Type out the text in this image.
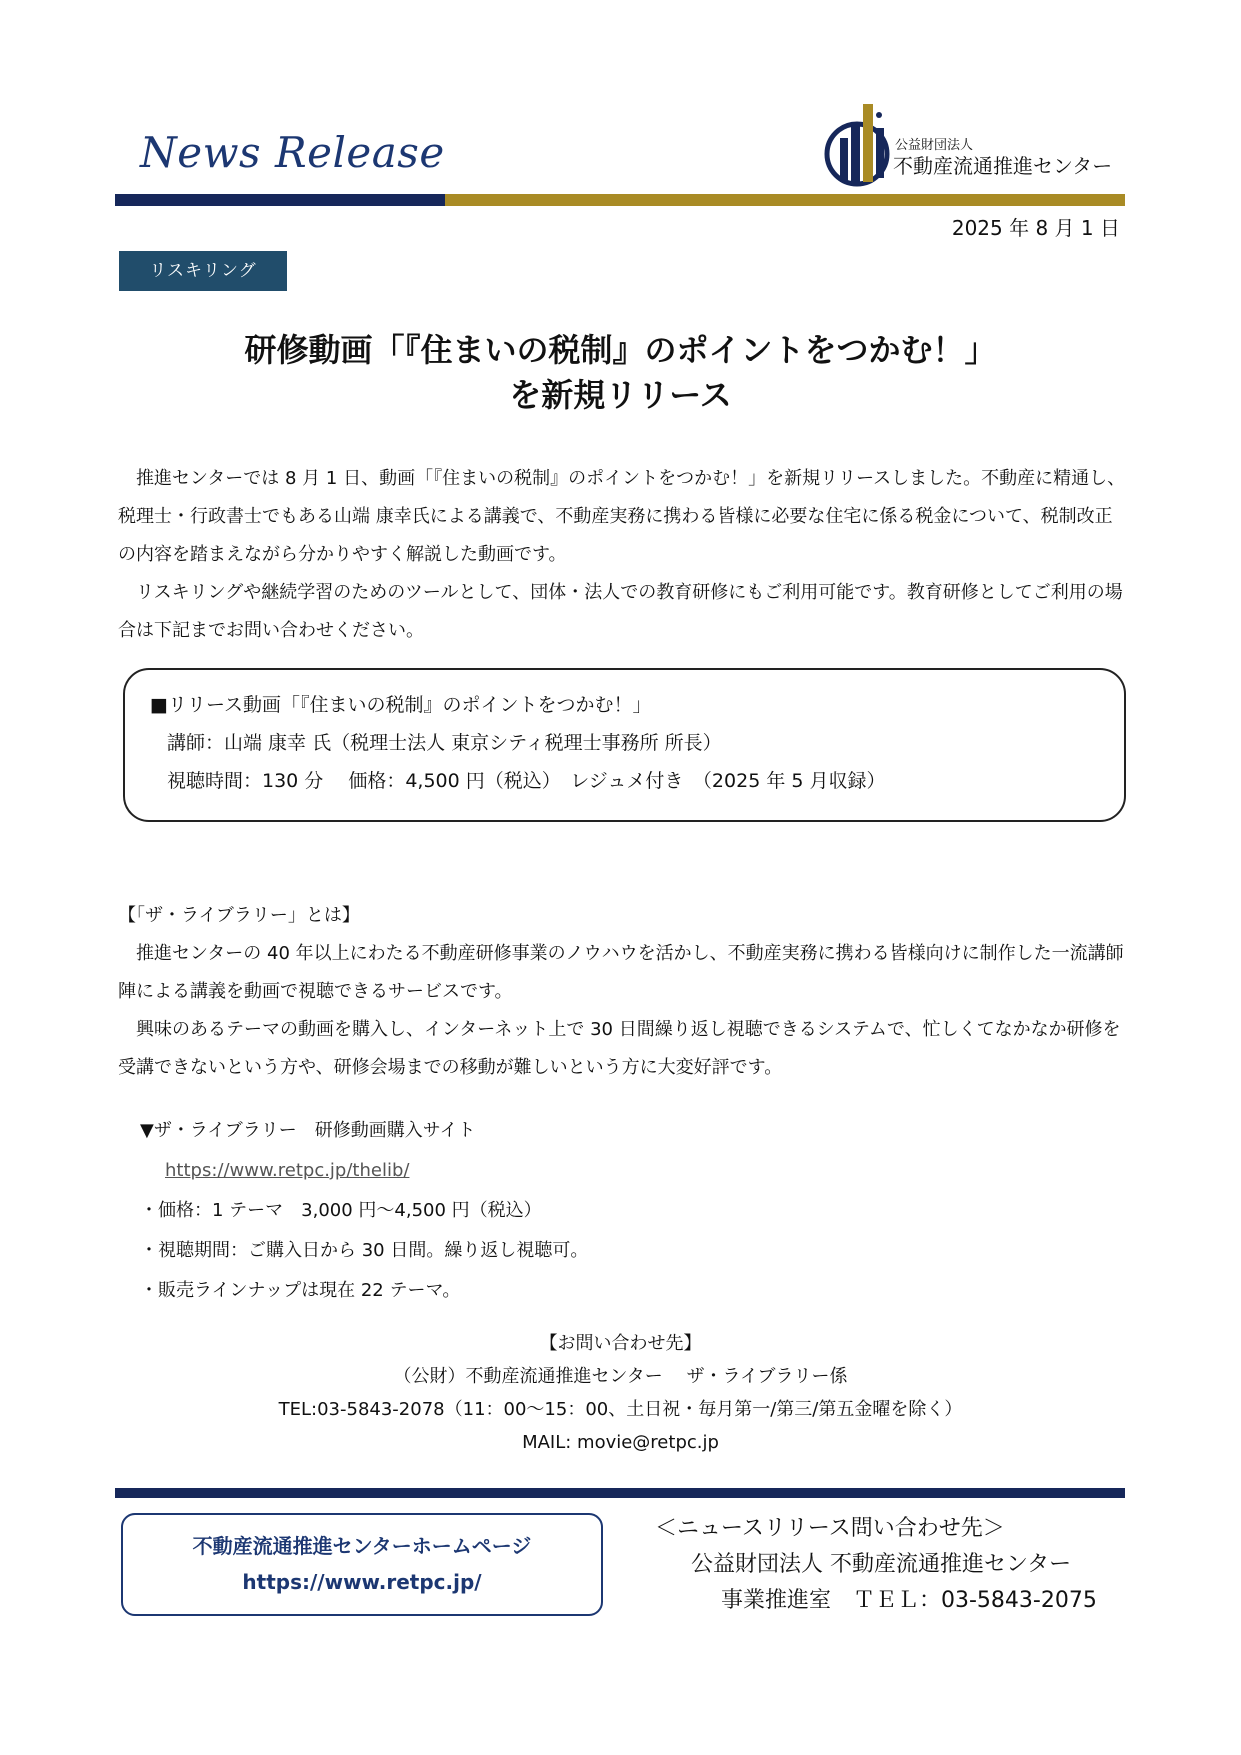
News Release	公益財団法人
不動産流通推進センター
2025 年 8 月 1 日
リスキリング
研修動画「『住まいの税制』のポイントをつかむ！」
を新規リリース
推進センターでは 8 月 1 日、動画「『住まいの税制』のポイントをつかむ！」を新規リリースしました。不動産に精通し、税理士・行政書士でもある山端 康幸氏による講義で、不動産実務に携わる皆様に必要な住宅に係る税金について、税制改正の内容を踏まえながら分かりやすく解説した動画です。
リスキリングや継続学習のためのツールとして、団体・法人での教育研修にもご利用可能です。教育研修としてご利用の場合は下記までお問い合わせください。
■リリース動画「『住まいの税制』のポイントをつかむ！」
講師：山端 康幸 氏（税理士法人 東京シティ税理士事務所 所長）
視聴時間：130 分　 価格：4,500 円（税込）　レジュメ付き　（2025 年 5 月収録）
【「ザ・ライブラリー」とは】
推進センターの 40 年以上にわたる不動産研修事業のノウハウを活かし、不動産実務に携わる皆様向けに制作した一流講師陣による講義を動画で視聴できるサービスです。
興味のあるテーマの動画を購入し、インターネット上で 30 日間繰り返し視聴できるシステムで、忙しくてなかなか研修を受講できないという方や、研修会場までの移動が難しいという方に大変好評です。
▼ザ・ライブラリー　研修動画購入サイト
https://www.retpc.jp/thelib/
・価格：1 テーマ　3,000 円～4,500 円（税込）
・視聴期間：ご購入日から 30 日間。繰り返し視聴可。
・販売ラインナップは現在 22 テーマ。
【お問い合わせ先】
（公財）不動産流通推進センター　 ザ・ライブラリー係
TEL:03-5843-2078（11：00～15：00、土日祝・毎月第一/第三/第五金曜を除く）
MAIL: movie@retpc.jp
不動産流通推進センターホームページ
https://www.retpc.jp/
＜ニュースリリース問い合わせ先＞
公益財団法人 不動産流通推進センター
事業推進室　ＴＥＬ：03-5843-2075
